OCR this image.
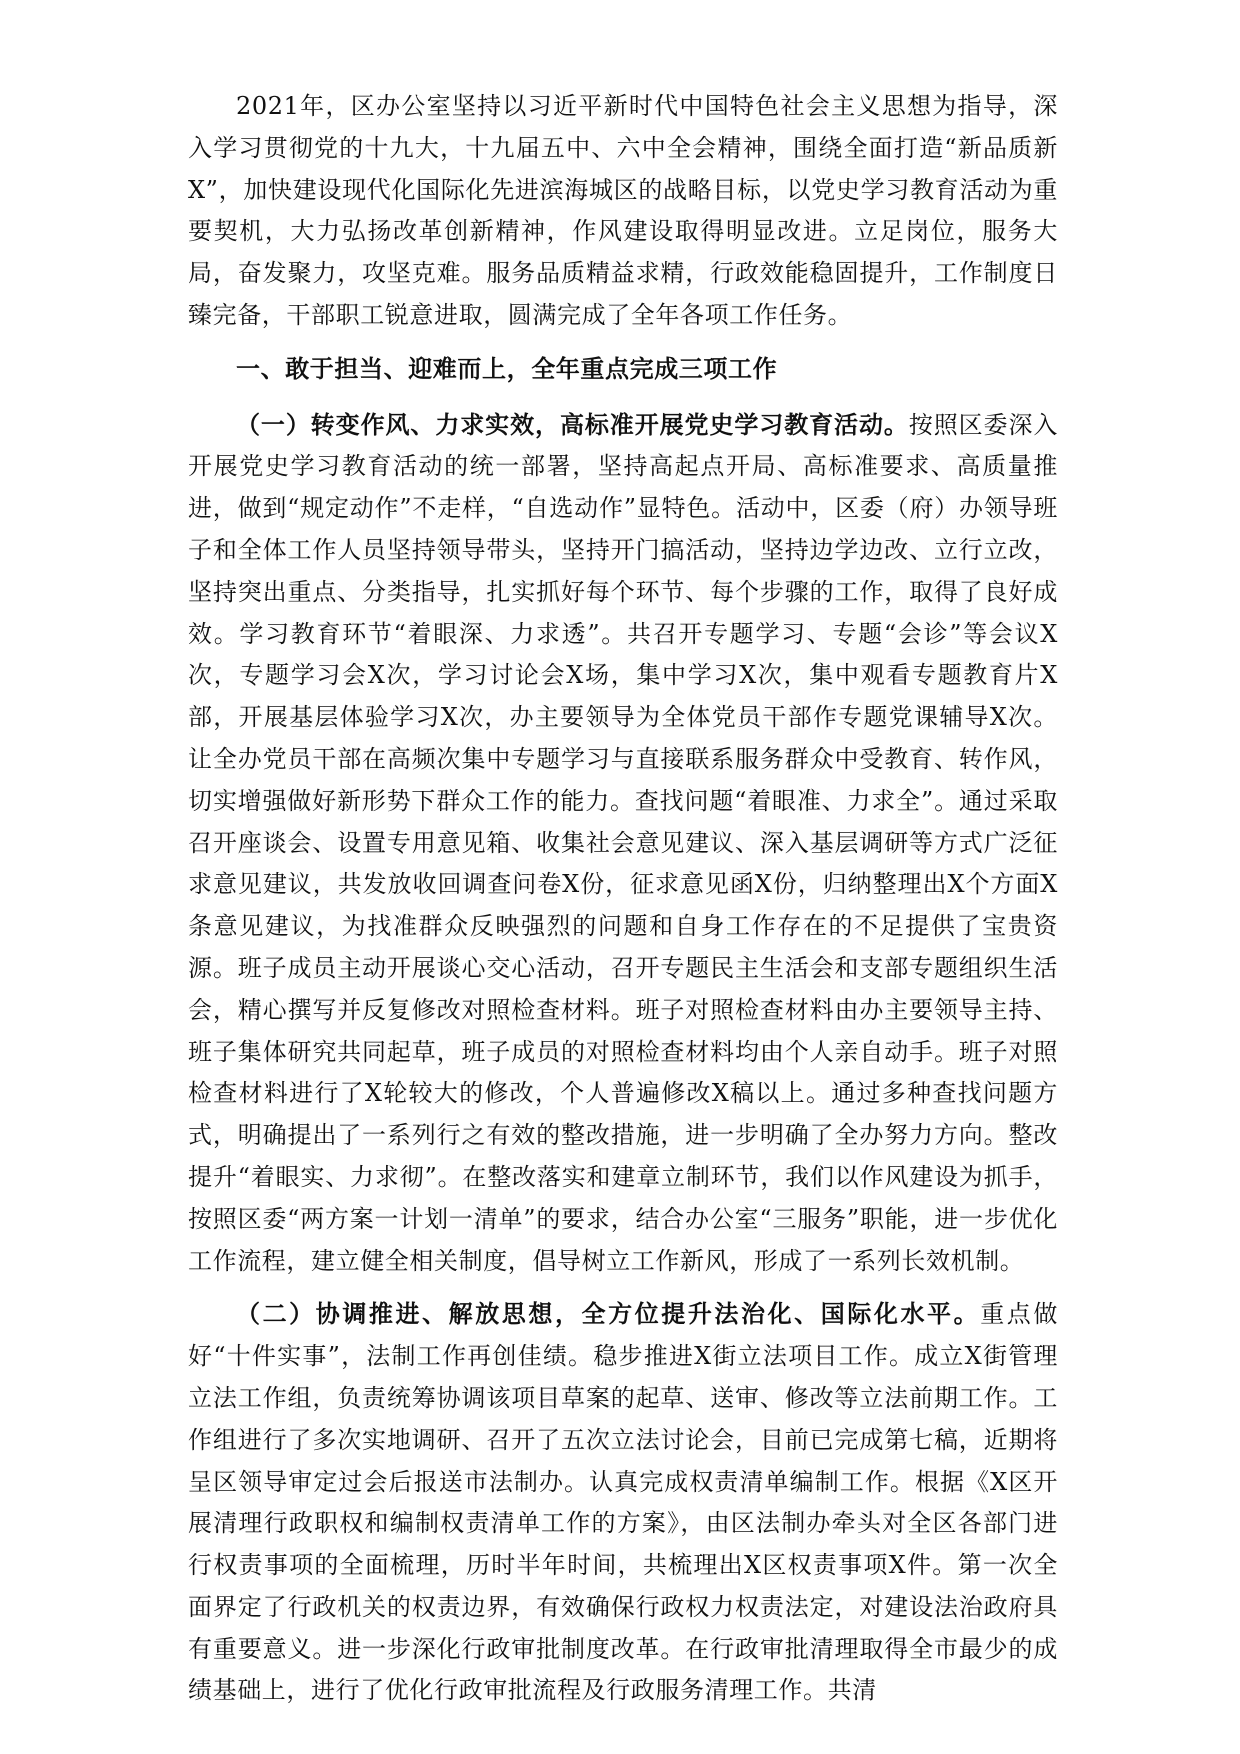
2021年，区办公室坚持以习近平新时代中国特色社会主义思想为指导，深入学习贯彻党的十九大，十九届五中、六中全会精神，围绕全面打造“新品质新X”，加快建设现代化国际化先进滨海城区的战略目标，以党史学习教育活动为重要契机，大力弘扬改革创新精神，作风建设取得明显改进。立足岗位，服务大局，奋发聚力，攻坚克难。服务品质精益求精，行政效能稳固提升，工作制度日臻完备，干部职工锐意进取，圆满完成了全年各项工作任务。

一、敢于担当、迎难而上，全年重点完成三项工作

（一）转变作风、力求实效，高标准开展党史学习教育活动。按照区委深入开展党史学习教育活动的统一部署，坚持高起点开局、高标准要求、高质量推进，做到“规定动作”不走样，“自选动作”显特色。活动中，区委（府）办领导班子和全体工作人员坚持领导带头，坚持开门搞活动，坚持边学边改、立行立改，坚持突出重点、分类指导，扎实抓好每个环节、每个步骤的工作，取得了良好成效。学习教育环节“着眼深、力求透”。共召开专题学习、专题“会诊”等会议X次，专题学习会X次，学习讨论会X场，集中学习X次，集中观看专题教育片X部，开展基层体验学习X次，办主要领导为全体党员干部作专题党课辅导X次。让全办党员干部在高频次集中专题学习与直接联系服务群众中受教育、转作风，切实增强做好新形势下群众工作的能力。查找问题“着眼准、力求全”。通过采取召开座谈会、设置专用意见箱、收集社会意见建议、深入基层调研等方式广泛征求意见建议，共发放收回调查问卷X份，征求意见函X份，归纳整理出X个方面X条意见建议，为找准群众反映强烈的问题和自身工作存在的不足提供了宝贵资源。班子成员主动开展谈心交心活动，召开专题民主生活会和支部专题组织生活会，精心撰写并反复修改对照检查材料。班子对照检查材料由办主要领导主持、班子集体研究共同起草，班子成员的对照检查材料均由个人亲自动手。班子对照检查材料进行了X轮较大的修改，个人普遍修改X稿以上。通过多种查找问题方式，明确提出了一系列行之有效的整改措施，进一步明确了全办努力方向。整改提升“着眼实、力求彻”。在整改落实和建章立制环节，我们以作风建设为抓手，按照区委“两方案一计划一清单”的要求，结合办公室“三服务”职能，进一步优化工作流程，建立健全相关制度，倡导树立工作新风，形成了一系列长效机制。

（二）协调推进、解放思想，全方位提升法治化、国际化水平。重点做好“十件实事”，法制工作再创佳绩。稳步推进X街立法项目工作。成立X街管理立法工作组，负责统筹协调该项目草案的起草、送审、修改等立法前期工作。工作组进行了多次实地调研、召开了五次立法讨论会，目前已完成第七稿，近期将呈区领导审定过会后报送市法制办。认真完成权责清单编制工作。根据《X区开展清理行政职权和编制权责清单工作的方案》，由区法制办牵头对全区各部门进行权责事项的全面梳理，历时半年时间，共梳理出X区权责事项X件。第一次全面界定了行政机关的权责边界，有效确保行政权力权责法定，对建设法治政府具有重要意义。进一步深化行政审批制度改革。在行政审批清理取得全市最少的成绩基础上，进行了优化行政审批流程及行政服务清理工作。共清
